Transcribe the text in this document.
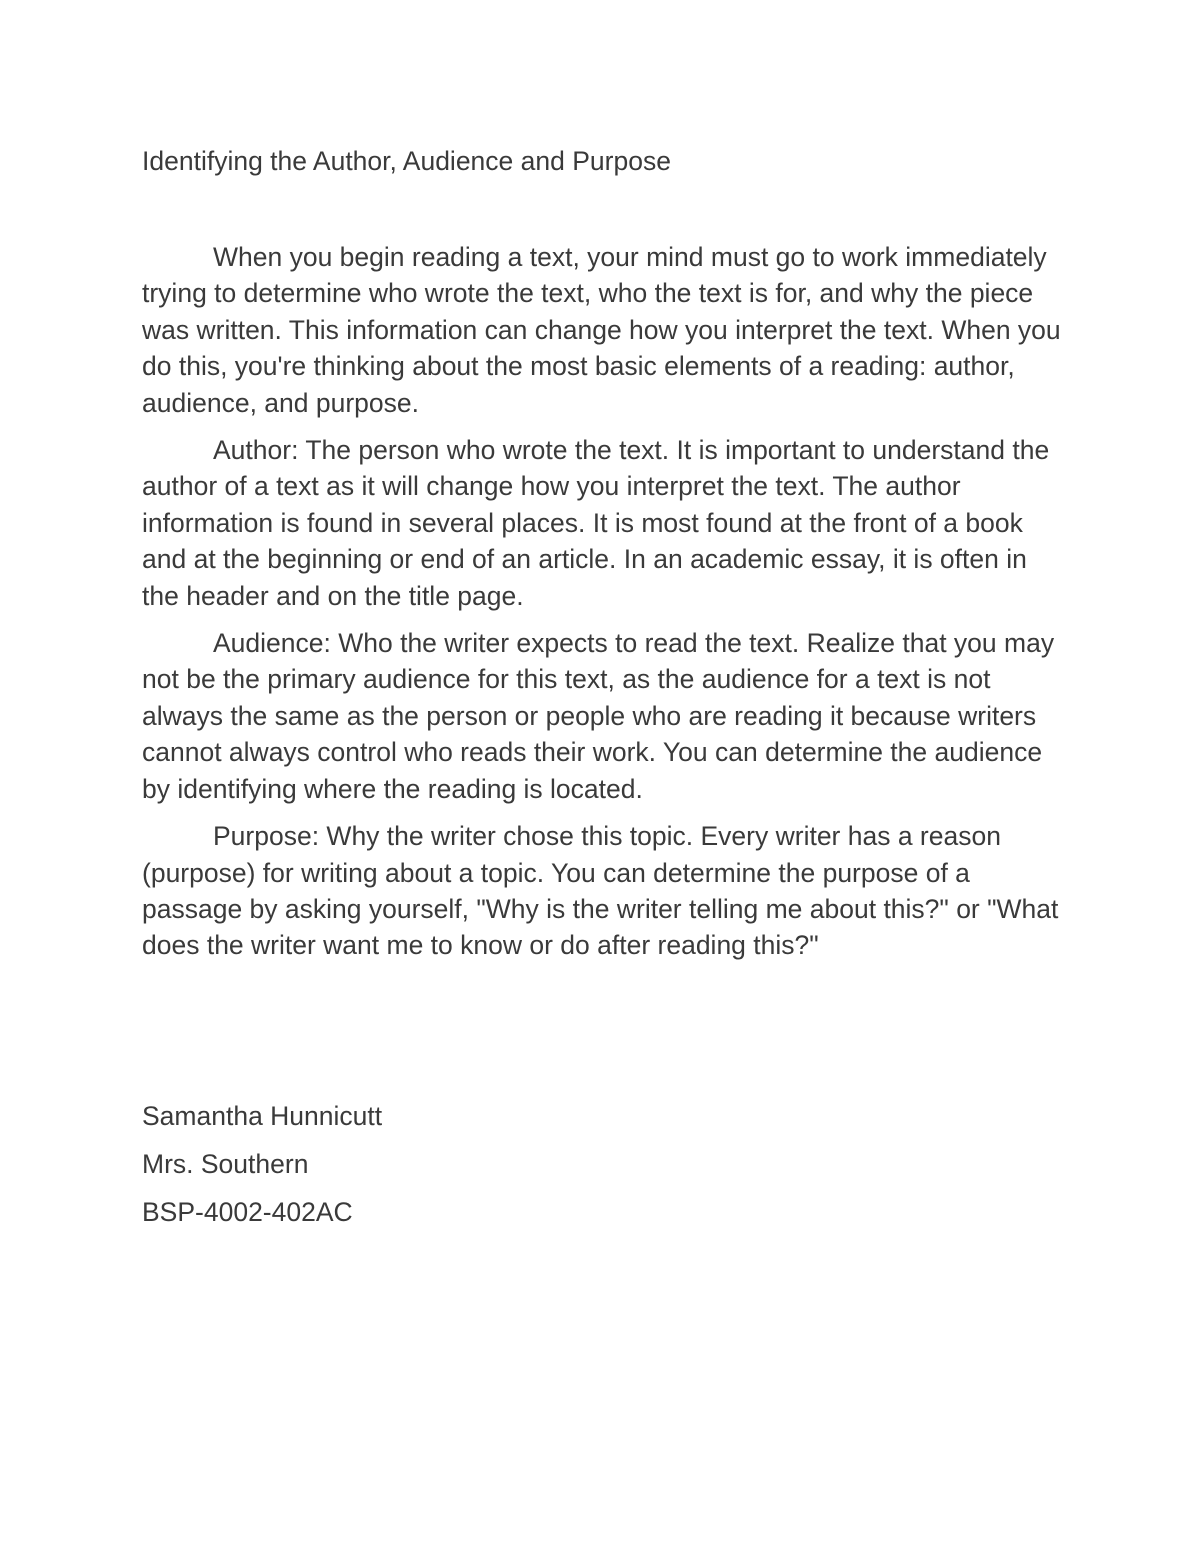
Identifying the Author, Audience and Purpose

When you begin reading a text, your mind must go to work immediately trying to determine who wrote the text, who the text is for, and why the piece was written. This information can change how you interpret the text. When you do this, you're thinking about the most basic elements of a reading: author, audience, and purpose.

Author: The person who wrote the text. It is important to understand the author of a text as it will change how you interpret the text. The author information is found in several places. It is most found at the front of a book and at the beginning or end of an article. In an academic essay, it is often in the header and on the title page.

Audience: Who the writer expects to read the text. Realize that you may not be the primary audience for this text, as the audience for a text is not always the same as the person or people who are reading it because writers cannot always control who reads their work. You can determine the audience by identifying where the reading is located.

Purpose: Why the writer chose this topic. Every writer has a reason (purpose) for writing about a topic. You can determine the purpose of a passage by asking yourself, "Why is the writer telling me about this?" or "What does the writer want me to know or do after reading this?"

Samantha Hunnicutt

Mrs. Southern

BSP-4002-402AC
